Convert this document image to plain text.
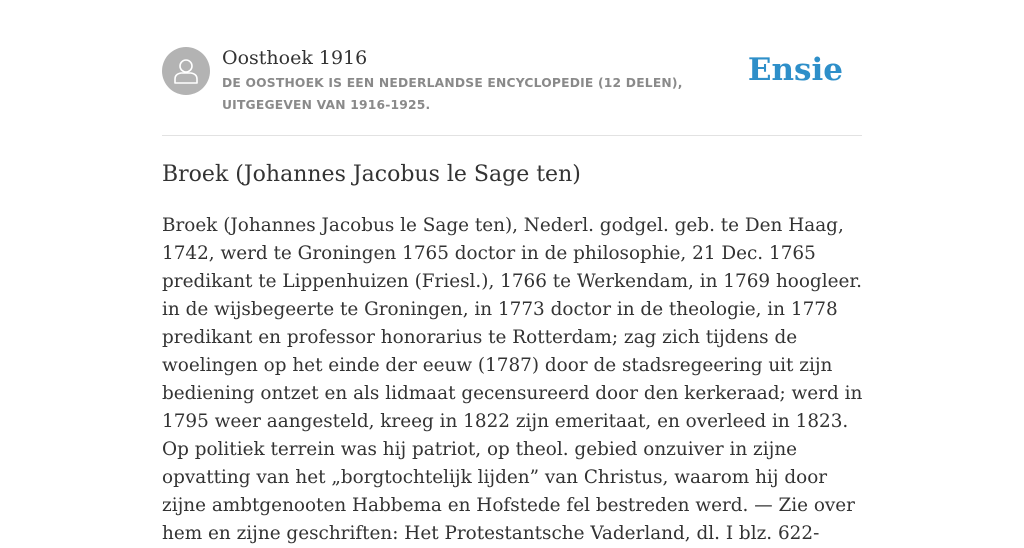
Oosthoek 1916
DE OOSTHOEK IS EEN NEDERLANDSE ENCYCLOPEDIE (12 DELEN), UITGEGEVEN VAN 1916-1925.
Ensie
Broek (Johannes Jacobus le Sage ten)

Broek (Johannes Jacobus le Sage ten), Nederl. godgel. geb. te Den Haag, 1742, werd te Groningen 1765 doctor in de philosophie, 21 Dec. 1765 predikant te Lippenhuizen (Friesl.), 1766 te Werkendam, in 1769 hoogleer. in de wijsbegeerte te Groningen, in 1773 doctor in de theologie, in 1778 predikant en professor honorarius te Rotterdam; zag zich tijdens de woelingen op het einde der eeuw (1787) door de stadsregeering uit zijn bediening ontzet en als lidmaat gecensureerd door den kerkeraad; werd in 1795 weer aangesteld, kreeg in 1822 zijn emeritaat, en overleed in 1823. Op politiek terrein was hij patriot, op theol. gebied onzuiver in zijne opvatting van het „borgtochtelijk lijden” van Christus, waarom hij door zijne ambtgenooten Habbema en Hofstede fel bestreden werd. — Zie over hem en zijne geschriften: Het Protestantsche Vaderland, dl. I blz. 622-
